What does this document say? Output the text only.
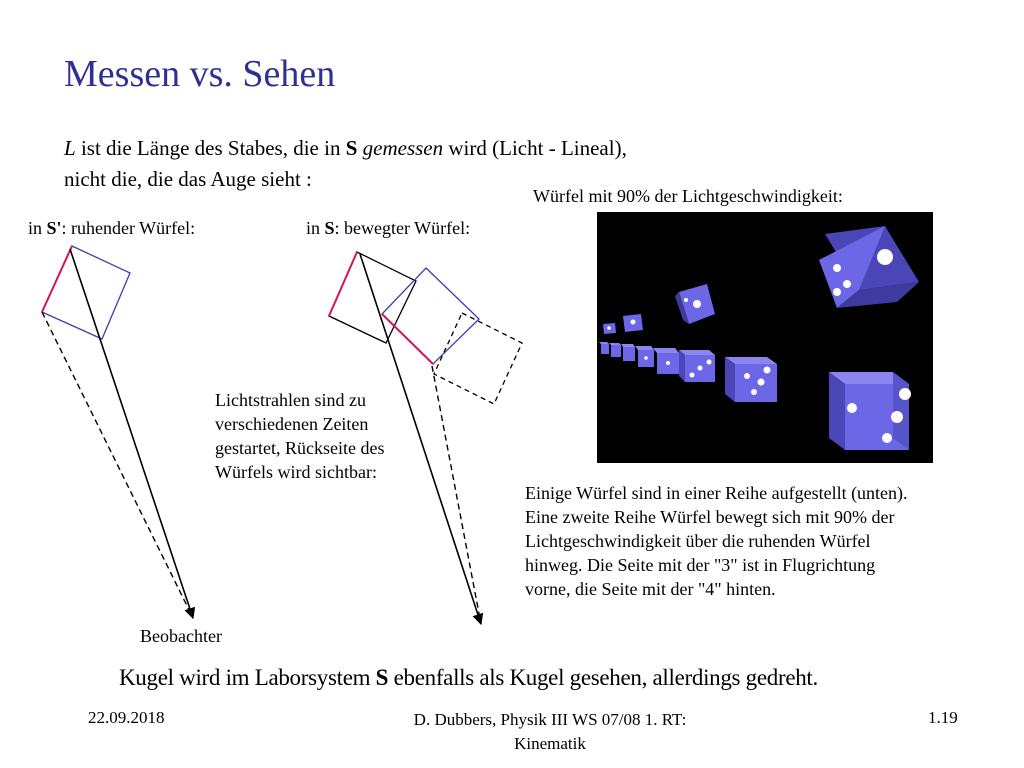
Messen vs. Sehen
L ist die Länge des Stabes, die in S gemessen wird (Licht - Lineal),
nicht die, die das Auge sieht :
Würfel mit 90% der Lichtgeschwindigkeit:
in S': ruhender Würfel:	in S: bewegter Würfel:
Lichtstrahlen sind zu
verschiedenen Zeiten
gestartet, Rückseite des
Würfels wird sichtbar:
Beobachter
Einige Würfel sind in einer Reihe aufgestellt (unten).
Eine zweite Reihe Würfel bewegt sich mit 90% der
Lichtgeschwindigkeit über die ruhenden Würfel
hinweg. Die Seite mit der "3" ist in Flugrichtung
vorne, die Seite mit der "4" hinten.
Kugel wird im Laborsystem S ebenfalls als Kugel gesehen, allerdings gedreht.
22.09.2018	D. Dubbers, Physik III WS 07/08 1. RT:
Kinematik
1.19
